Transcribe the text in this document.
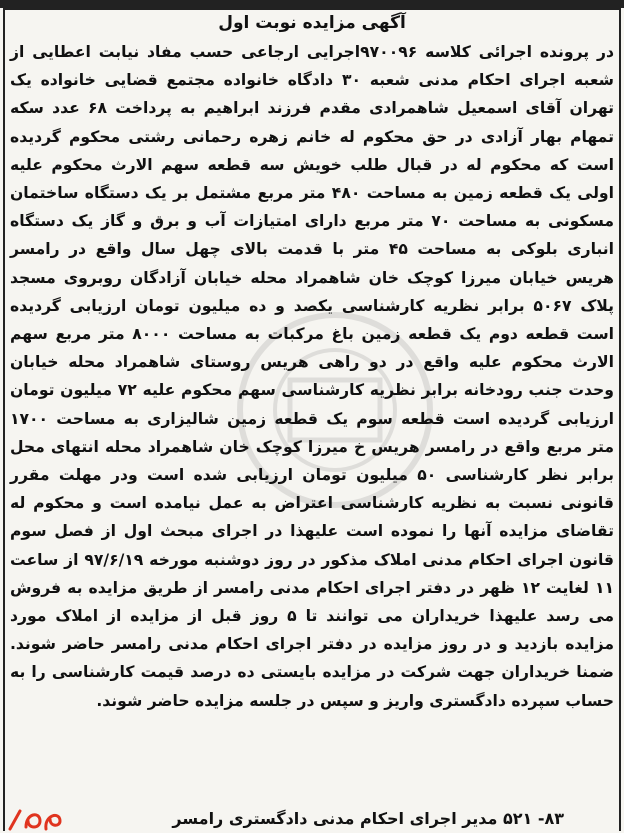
آگهی مزایده نوبت اول

در پرونده اجرائی کلاسه ۹۷۰۰۹۶اجرایی ارجاعی حسب مفاد نیابت اعطایی از شعبه اجرای احکام مدنی شعبه ۳۰ دادگاه خانواده مجتمع قضایی خانواده یک تهران آقای اسمعیل شاهمرادی مقدم فرزند ابراهیم به پرداخت ۶۸ عدد سکه تمهام بهار آزادی در حق محکوم له خانم زهره رحمانی رشتی محکوم گردیده است که محکوم له در قبال طلب خویش سه قطعه سهم الارث محکوم علیه اولی یک قطعه زمین به مساحت ۴۸۰ متر مربع مشتمل بر یک دستگاه ساختمان مسکونی به مساحت ۷۰ متر مربع دارای امتیازات آب و برق و گاز یک دستگاه انباری بلوکی به مساحت ۴۵ متر با قدمت بالای چهل سال واقع در رامسر هریس خیابان میرزا کوچک خان شاهمراد محله خیابان آزادگان روبروی مسجد پلاک ۵۰۶۷ برابر نظریه کارشناسی یکصد و ده میلیون تومان ارزیابی گردیده است قطعه دوم یک قطعه زمین باغ مرکبات به مساحت ۸۰۰۰ متر مربع سهم الارث محکوم علیه واقع در دو راهی هریس روستای شاهمراد محله خیابان وحدت جنب رودخانه برابر نظریه کارشناسی سهم محکوم علیه ۷۲ میلیون تومان ارزیابی گردیده است قطعه سوم یک قطعه زمین شالیزاری به مساحت ۱۷۰۰ متر مربع واقع در رامسر هریس خ میرزا کوچک خان شاهمراد محله انتهای محل برابر نظر کارشناسی ۵۰ میلیون تومان ارزیابی شده است ودر مهلت مقرر قانونی نسبت به نظریه کارشناسی اعتراض به عمل نیامده است و محکوم له تقاضای مزایده آنها را نموده است علیهذا در اجرای مبحث اول از فصل سوم قانون اجرای احکام مدنی املاک مذکور در روز دوشنبه مورخه ۹۷/۶/۱۹ از ساعت ۱۱ لغایت ۱۲ ظهر در دفتر اجرای احکام مدنی رامسر از طریق مزایده به فروش می رسد علیهذا خریداران می توانند تا ۵ روز قبل از مزایده از املاک مورد مزایده بازدید و در روز مزایده در دفتر اجرای احکام مدنی رامسر حاضر شوند. ضمنا خریداران جهت شرکت در مزایده بایستی ده درصد قیمت کارشناسی را به حساب سپرده دادگستری واریز و سپس در جلسه مزایده حاضر شوند.

۸۳- ۵۲۱ مدیر اجرای احکام مدنی دادگستری رامسر
